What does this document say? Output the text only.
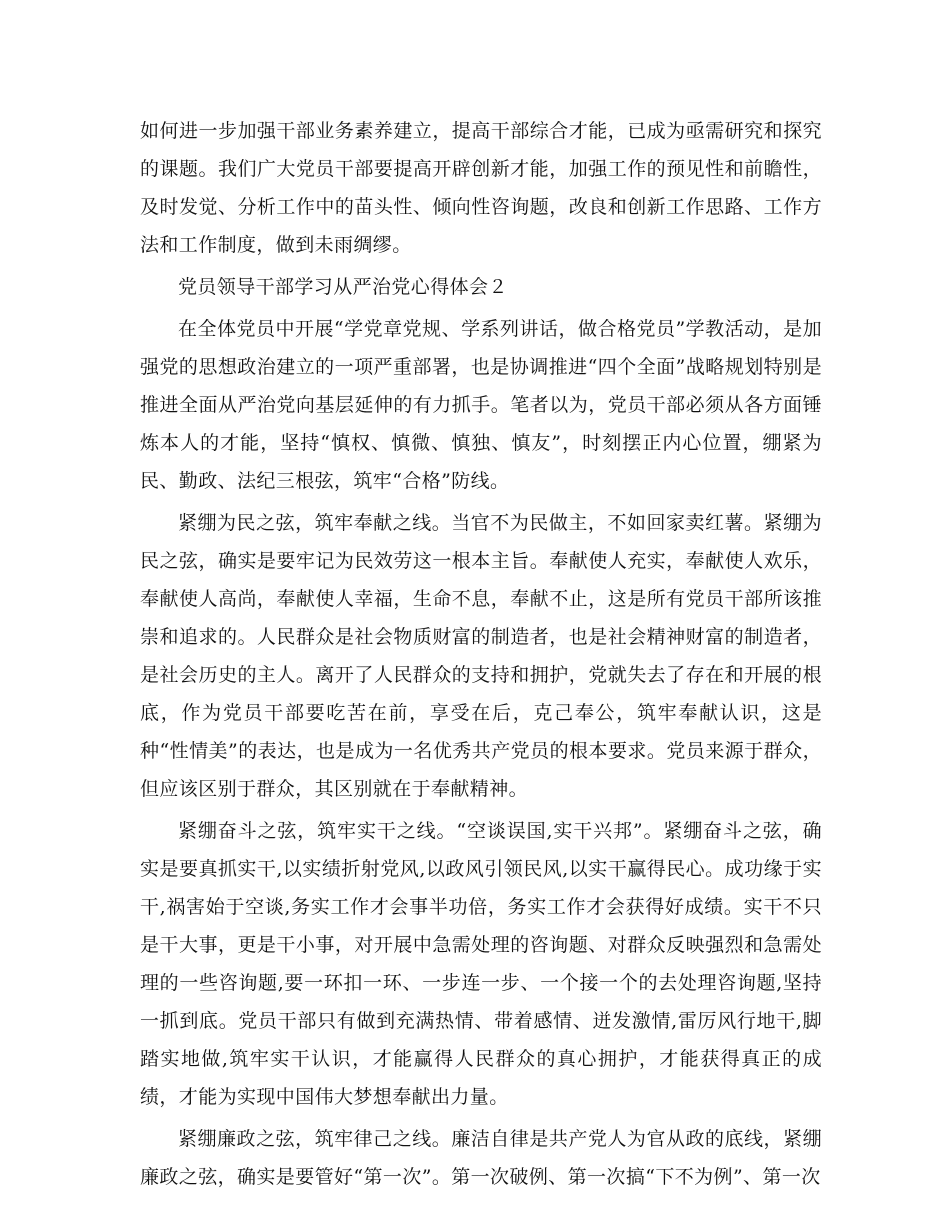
如何进一步加强干部业务素养建立，提高干部综合才能，已成为亟需研究和探究的课题。我们广大党员干部要提高开辟创新才能，加强工作的预见性和前瞻性，及时发觉、分析工作中的苗头性、倾向性咨询题，改良和创新工作思路、工作方法和工作制度，做到未雨绸缪。

党员领导干部学习从严治党心得体会２

在全体党员中开展“学党章党规、学系列讲话，做合格党员”学教活动，是加强党的思想政治建立的一项严重部署，也是协调推进“四个全面”战略规划特别是推进全面从严治党向基层延伸的有力抓手。笔者以为，党员干部必须从各方面锤炼本人的才能，坚持“慎权、慎微、慎独、慎友”，时刻摆正内心位置，绷紧为民、勤政、法纪三根弦，筑牢“合格”防线。

紧绷为民之弦，筑牢奉献之线。当官不为民做主，不如回家卖红薯。紧绷为民之弦，确实是要牢记为民效劳这一根本主旨。奉献使人充实，奉献使人欢乐，奉献使人高尚，奉献使人幸福，生命不息，奉献不止，这是所有党员干部所该推崇和追求的。人民群众是社会物质财富的制造者，也是社会精神财富的制造者，是社会历史的主人。离开了人民群众的支持和拥护，党就失去了存在和开展的根底，作为党员干部要吃苦在前，享受在后，克己奉公，筑牢奉献认识，这是种“性情美”的表达，也是成为一名优秀共产党员的根本要求。党员来源于群众，但应该区别于群众，其区别就在于奉献精神。

紧绷奋斗之弦，筑牢实干之线。“空谈误国,实干兴邦”。紧绷奋斗之弦，确实是要真抓实干,以实绩折射党风,以政风引领民风,以实干赢得民心。成功缘于实干,祸害始于空谈,务实工作才会事半功倍，务实工作才会获得好成绩。实干不只是干大事，更是干小事，对开展中急需处理的咨询题、对群众反映强烈和急需处理的一些咨询题,要一环扣一环、一步连一步、一个接一个的去处理咨询题,坚持一抓到底。党员干部只有做到充满热情、带着感情、迸发激情,雷厉风行地干,脚踏实地做,筑牢实干认识，才能赢得人民群众的真心拥护，才能获得真正的成绩，才能为实现中国伟大梦想奉献出力量。

紧绷廉政之弦，筑牢律己之线。廉洁自律是共产党人为官从政的底线，紧绷廉政之弦，确实是要管好“第一次”。第一次破例、第一次搞“下不为例”、第一次
